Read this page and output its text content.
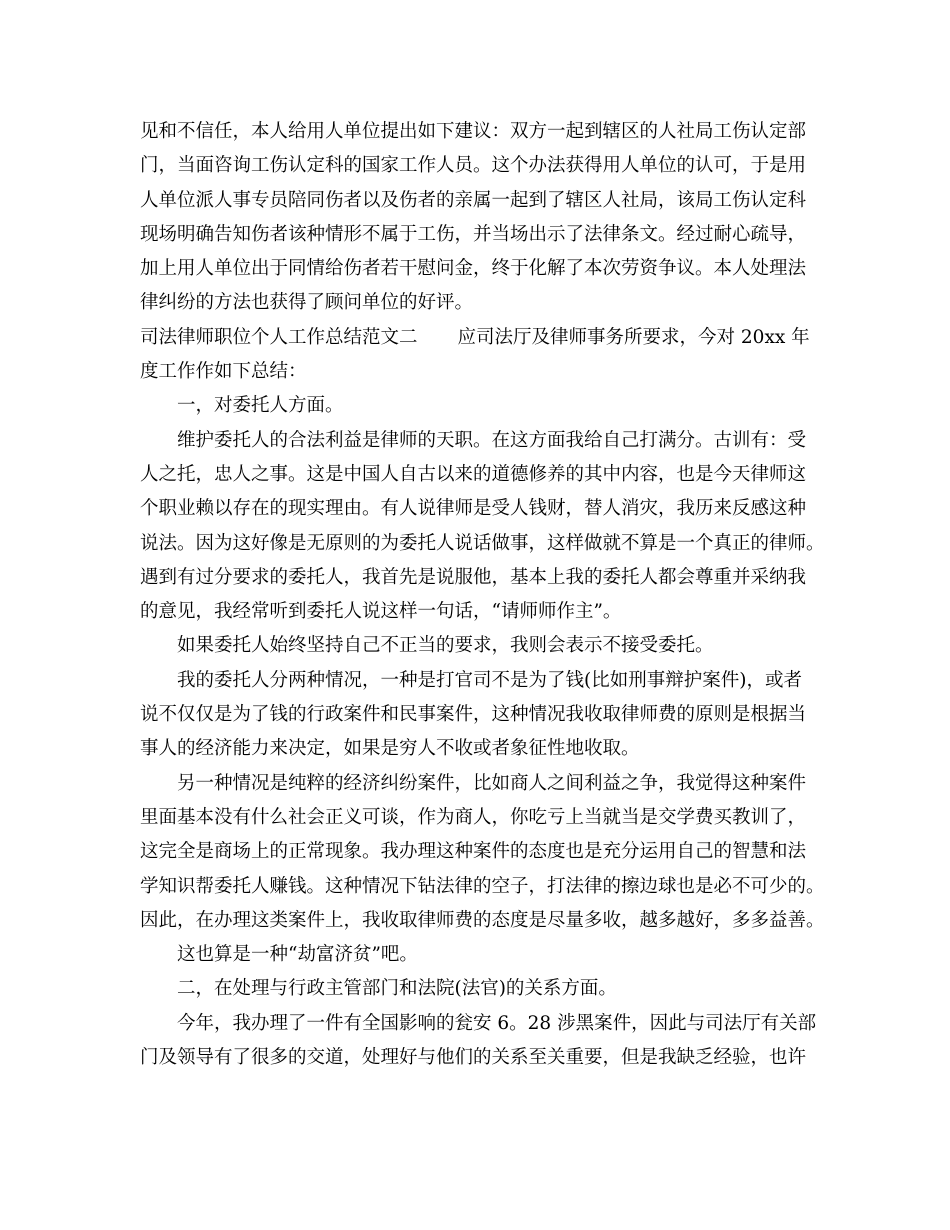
见和不信任，本人给用人单位提出如下建议：双方一起到辖区的人社局工伤认定部
门，当面咨询工伤认定科的国家工作人员。这个办法获得用人单位的认可，于是用
人单位派人事专员陪同伤者以及伤者的亲属一起到了辖区人社局，该局工伤认定科
现场明确告知伤者该种情形不属于工伤，并当场出示了法律条文。经过耐心疏导，
加上用人单位出于同情给伤者若干慰问金，终于化解了本次劳资争议。本人处理法
律纠纷的方法也获得了顾问单位的好评。
司法律师职位个人工作总结范文二 应司法厅及律师事务所要求，今对 20xx 年
度工作作如下总结：
一，对委托人方面。
维护委托人的合法利益是律师的天职。在这方面我给自己打满分。古训有：受
人之托，忠人之事。这是中国人自古以来的道德修养的其中内容，也是今天律师这
个职业赖以存在的现实理由。有人说律师是受人钱财，替人消灾，我历来反感这种
说法。因为这好像是无原则的为委托人说话做事，这样做就不算是一个真正的律师。
遇到有过分要求的委托人，我首先是说服他，基本上我的委托人都会尊重并采纳我
的意见，我经常听到委托人说这样一句话，“请师师作主”。
如果委托人始终坚持自己不正当的要求，我则会表示不接受委托。
我的委托人分两种情况，一种是打官司不是为了钱(比如刑事辩护案件)，或者
说不仅仅是为了钱的行政案件和民事案件，这种情况我收取律师费的原则是根据当
事人的经济能力来决定，如果是穷人不收或者象征性地收取。
另一种情况是纯粹的经济纠纷案件，比如商人之间利益之争，我觉得这种案件
里面基本没有什么社会正义可谈，作为商人，你吃亏上当就当是交学费买教训了，
这完全是商场上的正常现象。我办理这种案件的态度也是充分运用自己的智慧和法
学知识帮委托人赚钱。这种情况下钻法律的空子，打法律的擦边球也是必不可少的。
因此，在办理这类案件上，我收取律师费的态度是尽量多收，越多越好，多多益善。
这也算是一种“劫富济贫”吧。
二，在处理与行政主管部门和法院(法官)的关系方面。
今年，我办理了一件有全国影响的瓮安 6。28 涉黑案件，因此与司法厅有关部
门及领导有了很多的交道，处理好与他们的关系至关重要，但是我缺乏经验，也许
